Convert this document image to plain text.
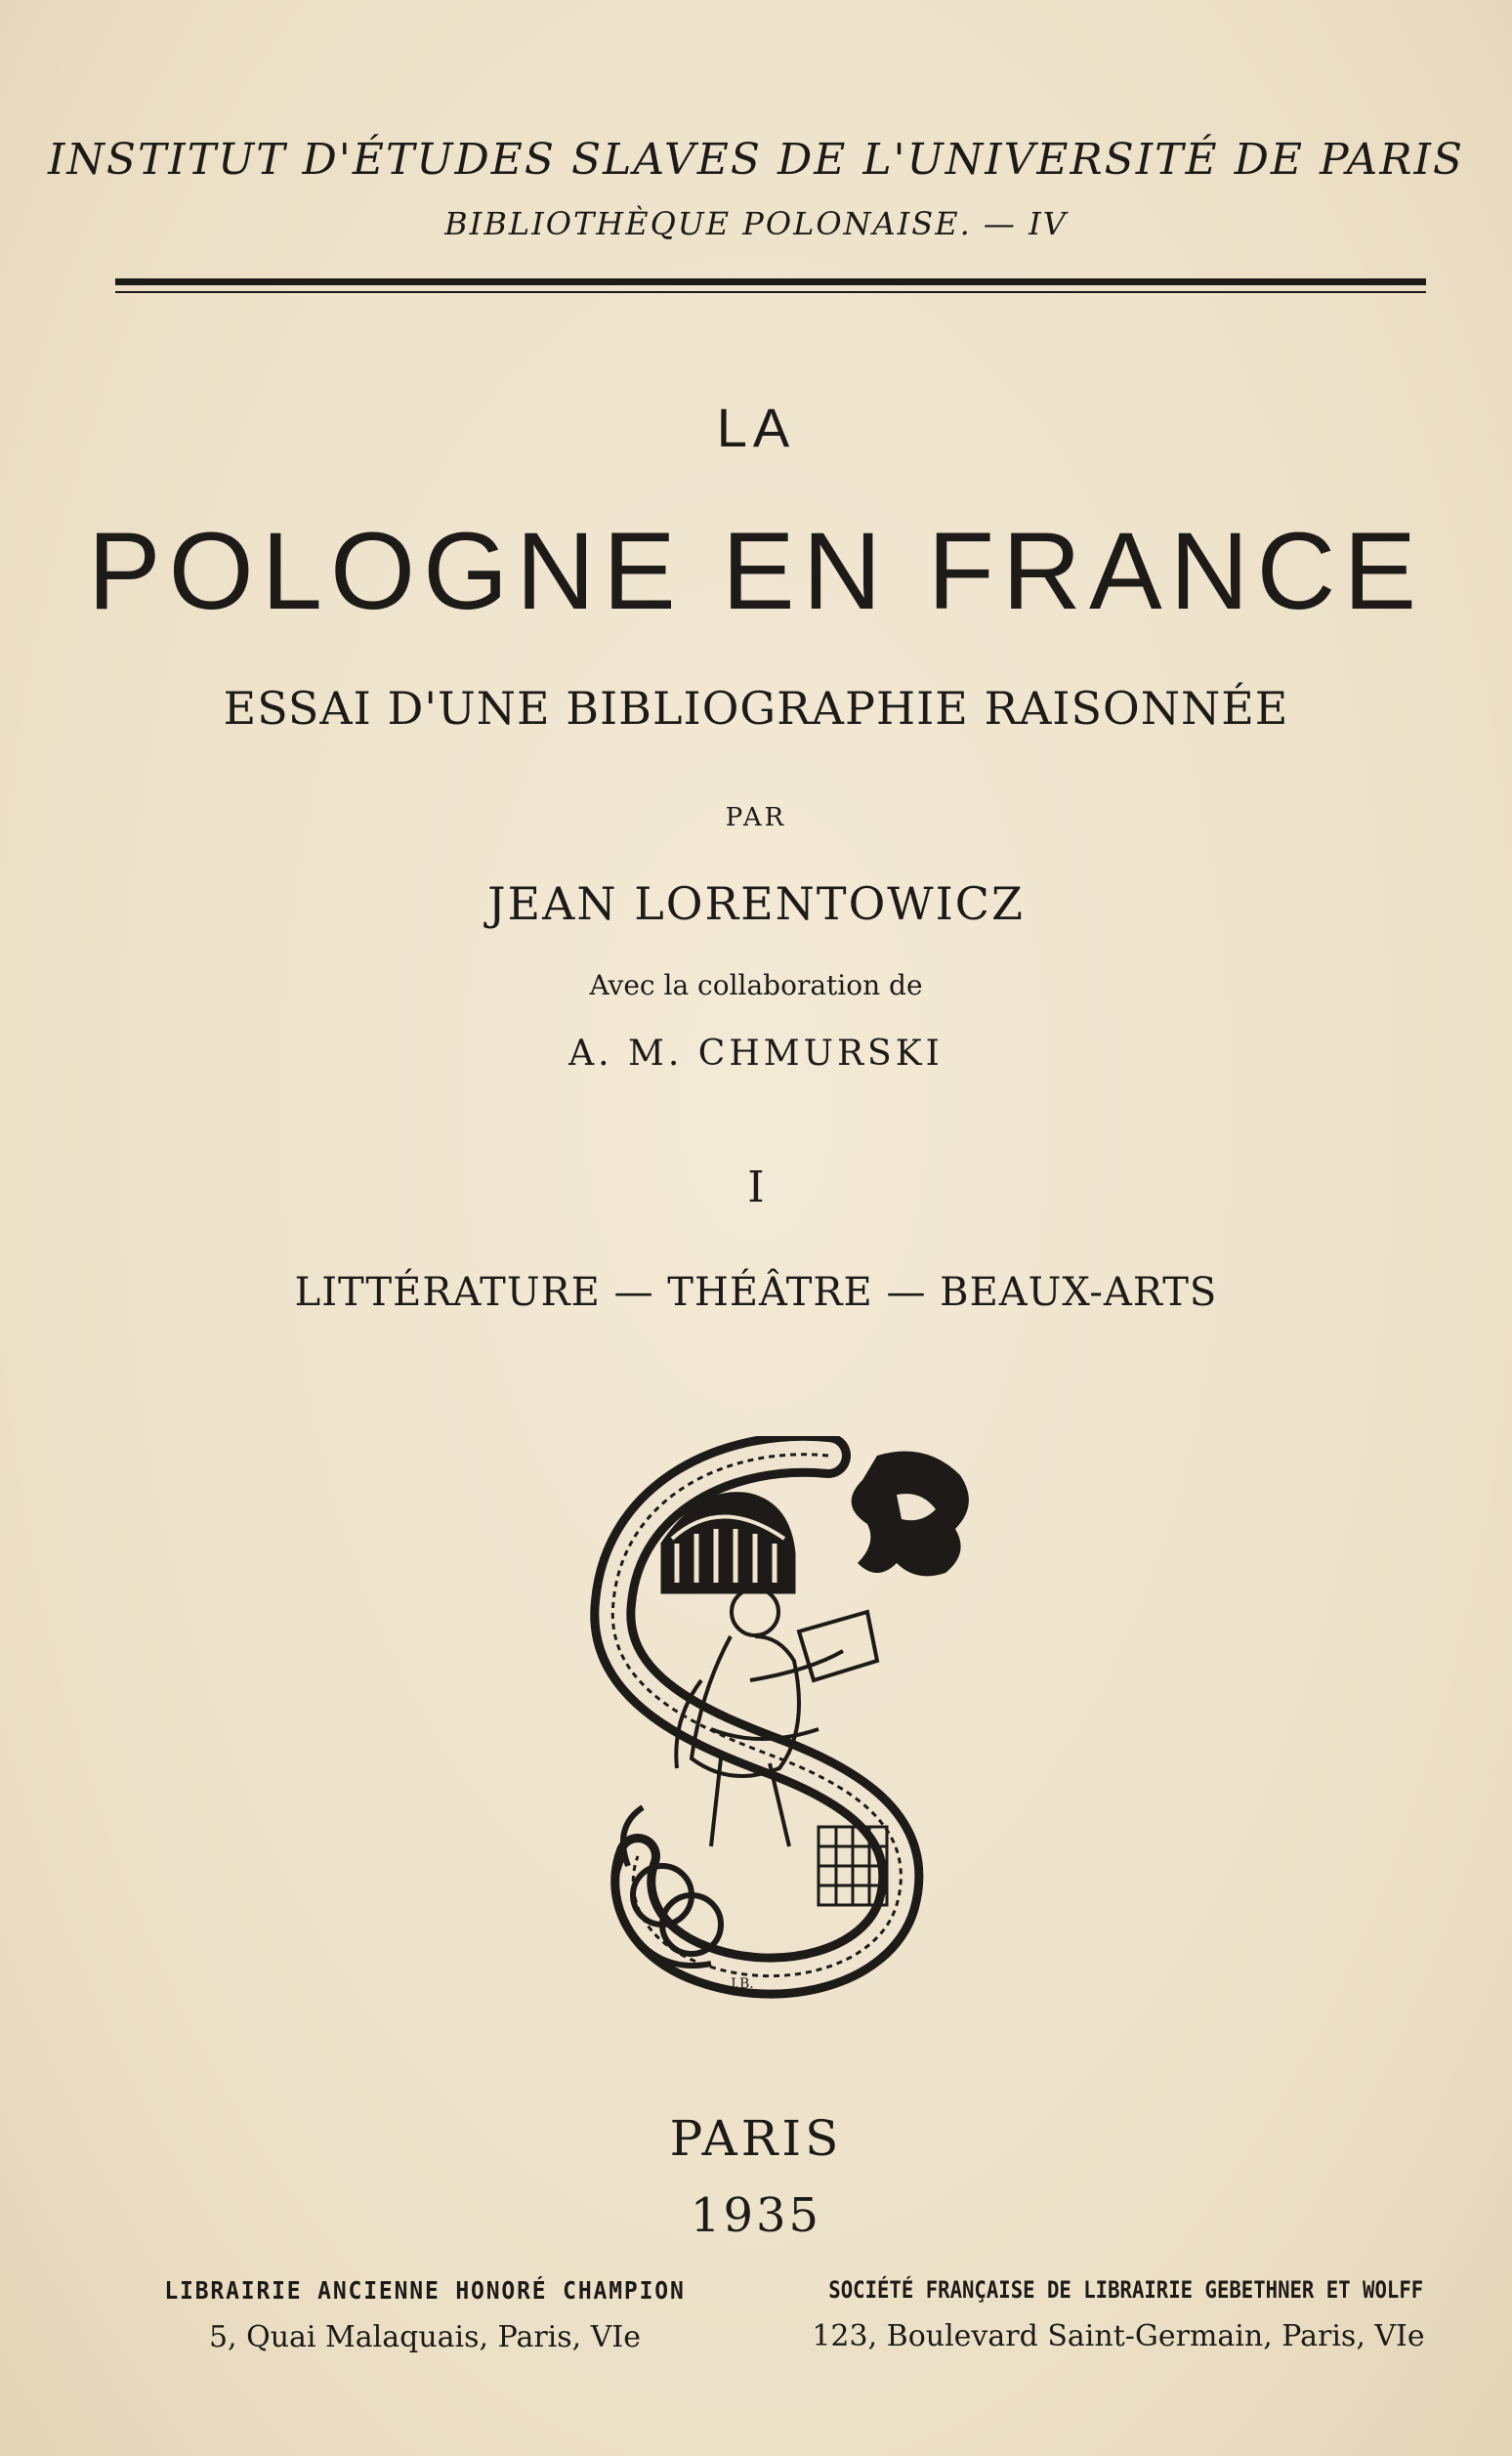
INSTITUT D'ÉTUDES SLAVES DE L'UNIVERSITÉ DE PARIS
BIBLIOTHÈQUE POLONAISE. — IV
LA
POLOGNE EN FRANCE
ESSAI D'UNE BIBLIOGRAPHIE RAISONNÉE
PAR
JEAN LORENTOWICZ
Avec la collaboration de
A. M. CHMURSKI
I
LITTÉRATURE — THÉÂTRE — BEAUX-ARTS
J.B.
PARIS
1935
LIBRAIRIE ANCIENNE HONORÉ CHAMPION
5, Quai Malaquais, Paris, VIe
SOCIÉTÉ FRANÇAISE DE LIBRAIRIE GEBETHNER ET WOLFF
123, Boulevard Saint-Germain, Paris, VIe
